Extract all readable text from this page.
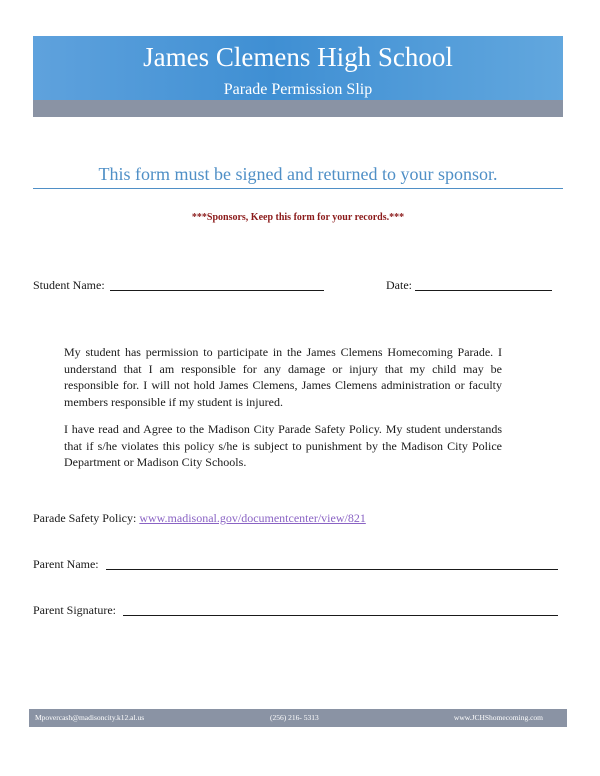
James Clemens High School
Parade Permission Slip
This form must be signed and returned to your sponsor.
***Sponsors, Keep this form for your records.***
Student Name:	Date:

My student has permission to participate in the James Clemens Homecoming Parade. I understand that I am responsible for any damage or injury that my child may be responsible for. I will not hold James Clemens, James Clemens administration or faculty members responsible if my student is injured.

I have read and Agree to the Madison City Parade Safety Policy. My student understands that if s/he violates this policy s/he is subject to punishment by the Madison City Police Department or Madison City Schools.

Parade Safety Policy: www.madisonal.gov/documentcenter/view/821
Parent Name:
Parent Signature:
Mpovercash@madisoncity.k12.al.us	(256) 216- 5313	www.JCHShomecoming.com
